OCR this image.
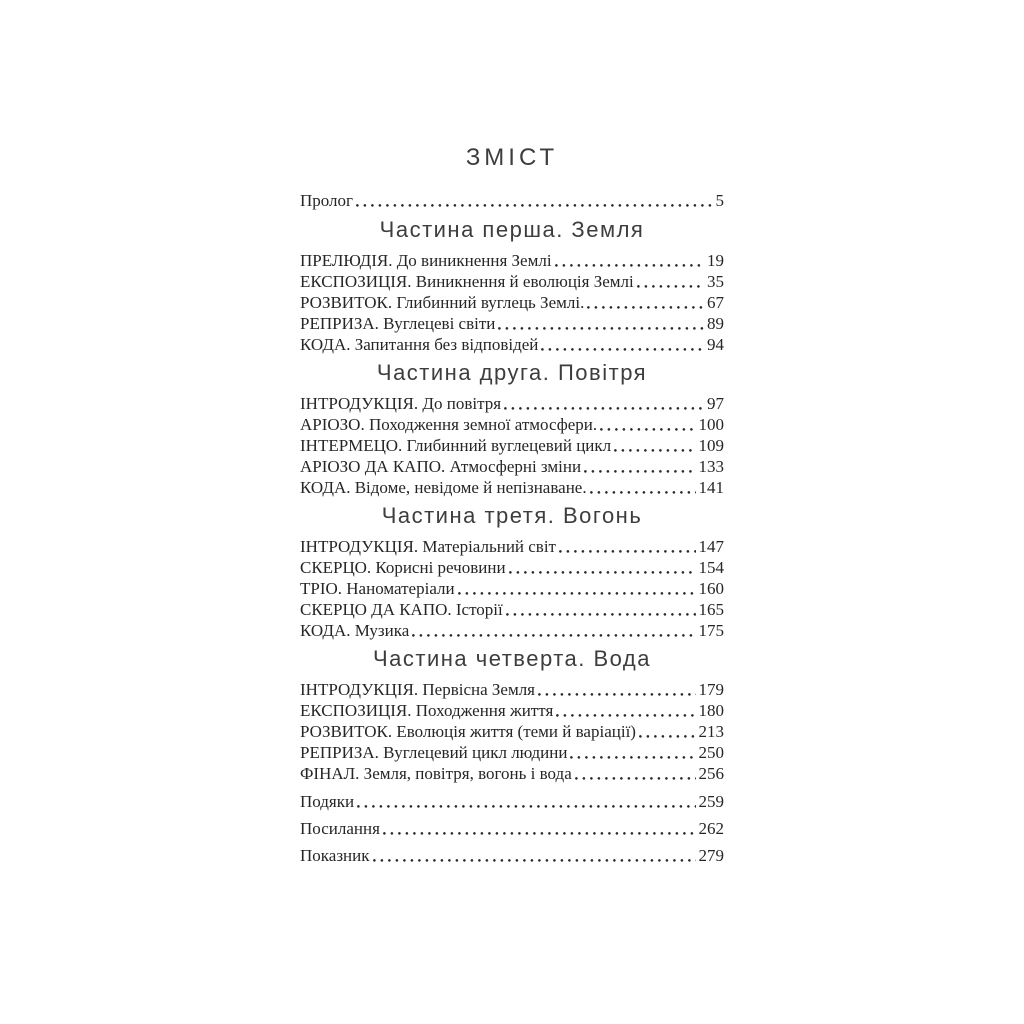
ЗМІСТ
Пролог	5
Частина перша. Земля
ПРЕЛЮДІЯ. До виникнення Землі	19
ЕКСПОЗИЦІЯ. Виникнення й еволюція Землі	35
РОЗВИТОК. Глибинний вуглець Землі.	67
РЕПРИЗА. Вуглецеві світи	89
КОДА. Запитання без відповідей	94
Частина друга. Повітря
ІНТРОДУКЦІЯ. До повітря	97
АРІОЗО. Походження земної атмосфери.	100
ІНТЕРМЕЦО. Глибинний вуглецевий цикл	109
АРІОЗО ДА КАПО. Атмосферні зміни	133
КОДА. Відоме, невідоме й непізнаване.	141
Частина третя. Вогонь
ІНТРОДУКЦІЯ. Матеріальний світ	147
СКЕРЦО. Корисні речовини	154
ТРІО. Наноматеріали	160
СКЕРЦО ДА КАПО. Історії	165
КОДА. Музика	175
Частина четверта. Вода
ІНТРОДУКЦІЯ. Первісна Земля	179
ЕКСПОЗИЦІЯ. Походження життя	180
РОЗВИТОК. Еволюція життя (теми й варіації)	213
РЕПРИЗА. Вуглецевий цикл людини	250
ФІНАЛ. Земля, повітря, вогонь і вода	256
Подяки	259
Посилання	262
Показник	279
